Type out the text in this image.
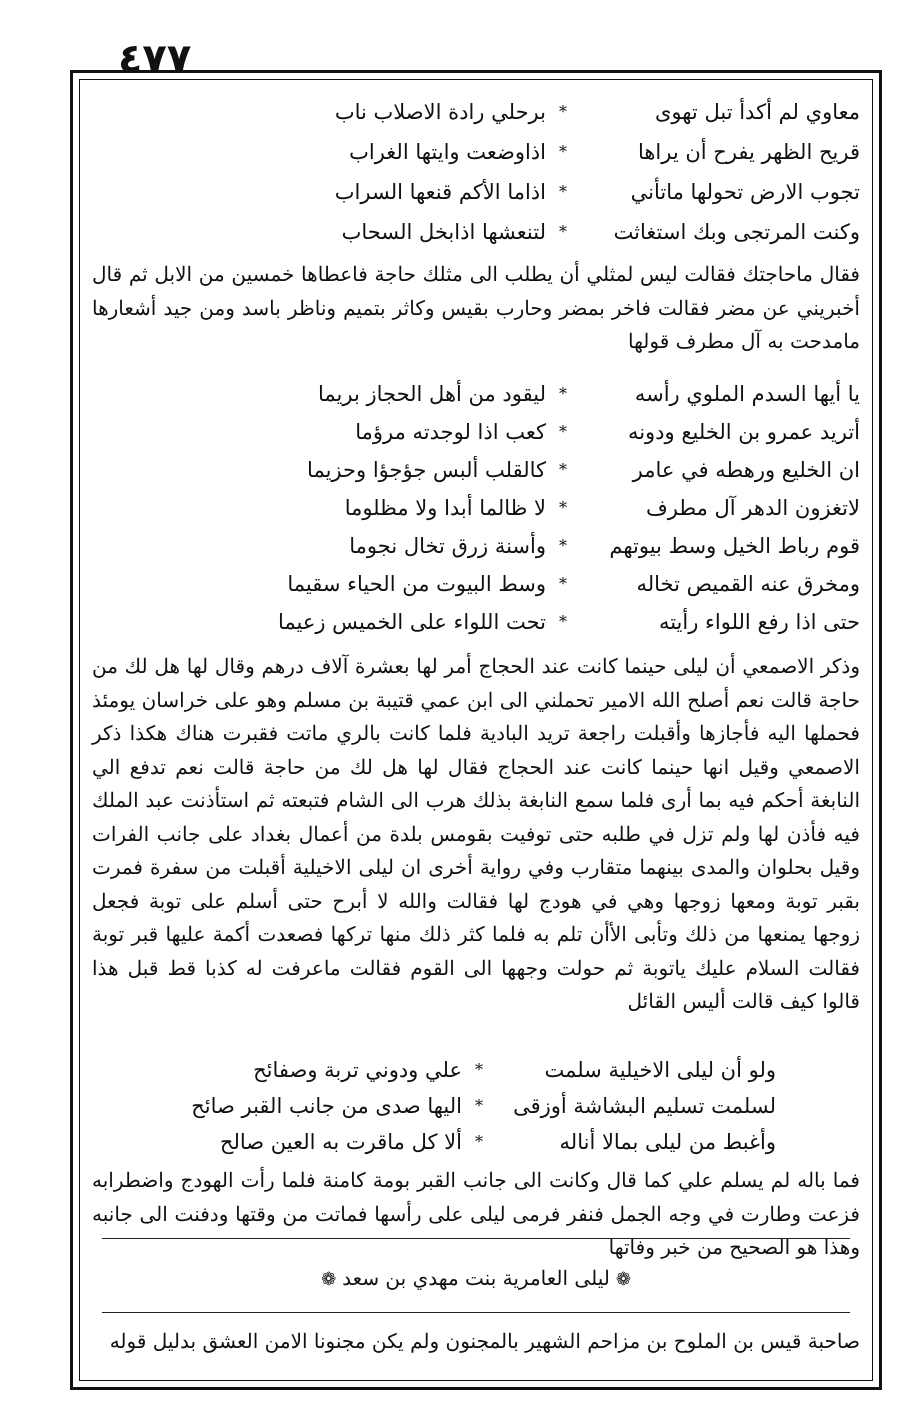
٤٧٧
معاوي لم أكدأ تبل تهوى
*
برحلي رادة الاصلاب ناب
قريح الظهر يفرح أن يراها
*
اذاوضعت وايتها الغراب
تجوب الارض تحولها ماتأني
*
اذاما الأكم قنعها السراب
وكنت المرتجى وبك استغاثت
*
لتنعشها اذابخل السحاب

فقال ماحاجتك فقالت ليس لمثلي أن يطلب الى مثلك حاجة فاعطاها خمسين من الابل ثم قال أخبريني عن مضر فقالت فاخر بمضر وحارب بقيس وكاثر بتميم وناظر باسد ومن جيد أشعارها مامدحت به آل مطرف قولها

يا أيها السدم الملوي رأسه
*
ليقود من أهل الحجاز بريما
أتريد عمرو بن الخليع ودونه
*
كعب اذا لوجدته مرؤما
ان الخليع ورهطه في عامر
*
كالقلب ألبس جؤجؤا وحزيما
لاتغزون الدهر آل مطرف
*
لا ظالما أبدا ولا مظلوما
قوم رباط الخيل وسط بيوتهم
*
وأسنة زرق تخال نجوما
ومخرق عنه القميص تخاله
*
وسط البيوت من الحياء سقيما
حتى اذا رفع اللواء رأيته
*
تحت اللواء على الخميس زعيما

وذكر الاصمعي أن ليلى حينما كانت عند الحجاج أمر لها بعشرة آلاف درهم وقال لها هل لك من حاجة قالت نعم أصلح الله الامير تحملني الى ابن عمي قتيبة بن مسلم وهو على خراسان يومئذ فحملها اليه فأجازها وأقبلت راجعة تريد البادية فلما كانت بالري ماتت فقبرت هناك هكذا ذكر الاصمعي وقيل انها حينما كانت عند الحجاج فقال لها هل لك من حاجة قالت نعم تدفع الي النابغة أحكم فيه بما أرى فلما سمع النابغة بذلك هرب الى الشام فتبعته ثم استأذنت عبد الملك فيه فأذن لها ولم تزل في طلبه حتى توفيت بقومس بلدة من أعمال بغداد على جانب الفرات وقيل بحلوان والمدى بينهما متقارب وفي رواية أخرى ان ليلى الاخيلية أقبلت من سفرة فمرت بقبر توبة ومعها زوجها وهي في هودج لها فقالت والله لا أبرح حتى أسلم على توبة فجعل زوجها يمنعها من ذلك وتأبى الأأن تلم به فلما كثر ذلك منها تركها فصعدت أكمة عليها قبر توبة فقالت السلام عليك ياتوبة ثم حولت وجهها الى القوم فقالت ماعرفت له كذبا قط قبل هذا قالوا كيف قالت أليس القائل

ولو أن ليلى الاخيلية سلمت
*
علي ودوني تربة وصفائح
لسلمت تسليم البشاشة أوزقى
*
اليها صدى من جانب القبر صائح
وأغبط من ليلى بمالا أناله
*
ألا كل ماقرت به العين صالح

فما باله لم يسلم علي كما قال وكانت الى جانب القبر بومة كامنة فلما رأت الهودج واضطرابه فزعت وطارت في وجه الجمل فنفر فرمى ليلى على رأسها فماتت من وقتها ودفنت الى جانبه وهذا هو الصحيح من خبر وفاتها

❁ليلى العامرية بنت مهدي بن سعد❁
صاحبة قيس بن الملوح بن مزاحم الشهير بالمجنون ولم يكن مجنونا الامن العشق بدليل قوله
